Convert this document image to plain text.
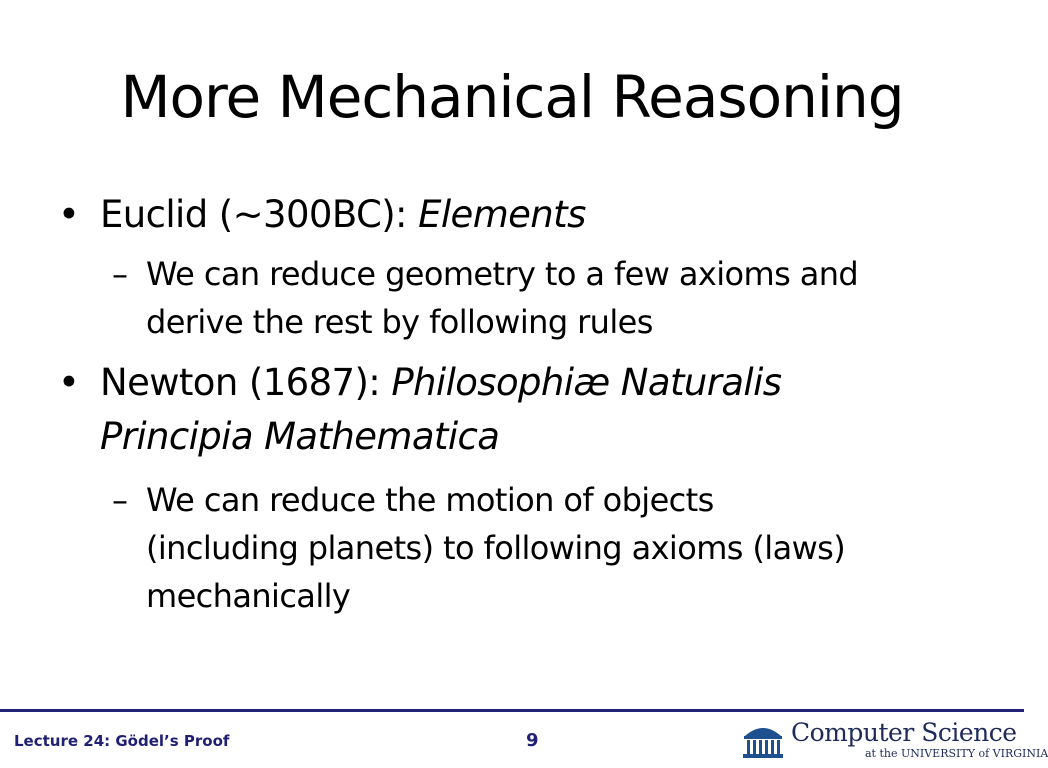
More Mechanical Reasoning
• Euclid (~300BC): Elements
– We can reduce geometry to a few axioms and
derive the rest by following rules
• Newton (1687): Philosophiæ Naturalis
Principia Mathematica
– We can reduce the motion of objects
(including planets) to following axioms (laws)
mechanically
Lecture 24: Gödel’s Proof	9	Computer Science
at the UNIVERSITY of VIRGINIA
